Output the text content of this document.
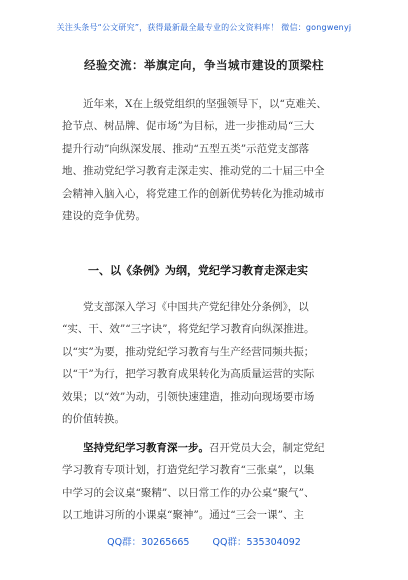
关注头条号“公文研究”，获得最新最全最专业的公文资料库！ 微信：gongwenyj
经验交流：举旗定向，争当城市建设的顶梁柱
近年来，X在上级党组织的坚强领导下，以“克难关、
抢节点、树品牌、促市场”为目标，进一步推动局“三大
提升行动”向纵深发展、推动“五型五类”示范党支部落
地、推动党纪学习教育走深走实、推动党的二十届三中全
会精神入脑入心，将党建工作的创新优势转化为推动城市
建设的竞争优势。
一、以《条例》为纲，党纪学习教育走深走实
党支部深入学习《中国共产党纪律处分条例》，以
“实、干、效”“三字诀”，将党纪学习教育向纵深推进。
以“实”为要，推动党纪学习教育与生产经营同频共振；
以“干”为行，把学习教育成果转化为高质量运营的实际
效果；以“效”为动，引领快速建造，推动向现场要市场
的价值转换。
坚持党纪学习教育深一步。召开党员大会，制定党纪
学习教育专项计划，打造党纪学习教育“三张桌”，以集
中学习的会议桌“聚精”、以日常工作的办公桌“聚气”、
以工地讲习所的小课桌“聚神”。通过“三会一课”、主
QQ群：30265665 QQ群：535304092
